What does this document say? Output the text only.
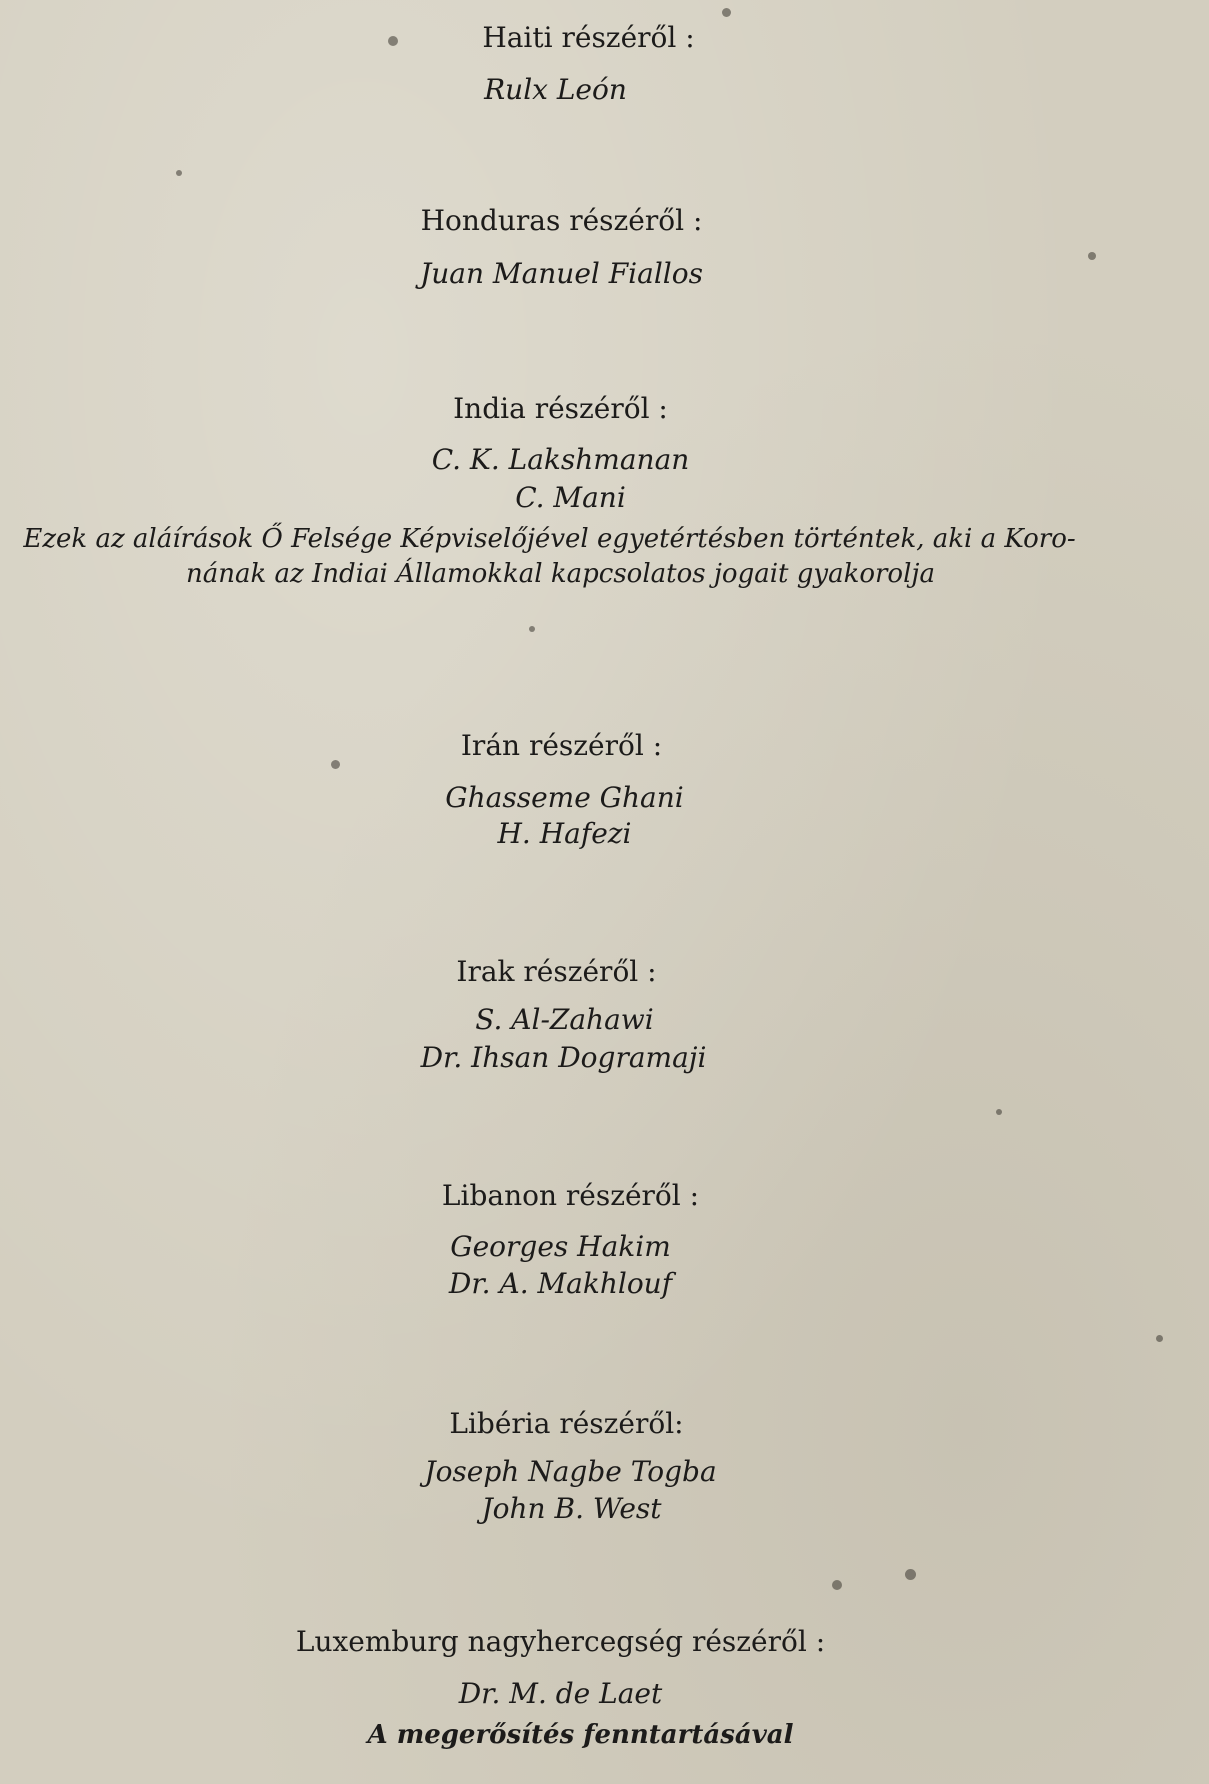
Haiti részéről :
Rulx León
Honduras részéről :
Juan Manuel Fiallos
India részéről :
C. K. Lakshmanan
C. Mani
Ezek az aláírások Ő Felsége Képviselőjével egyetértésben történtek, aki a Koro-
nának az Indiai Államokkal kapcsolatos jogait gyakorolja
Irán részéről :
Ghasseme Ghani
H. Hafezi
Irak részéről :
S. Al-Zahawi
Dr. Ihsan Dogramaji
Libanon részéről :
Georges Hakim
Dr. A. Makhlouf
Libéria részéről:
Joseph Nagbe Togba
John B. West
Luxemburg nagyhercegség részéről :
Dr. M. de Laet
A megerősítés fenntartásával
